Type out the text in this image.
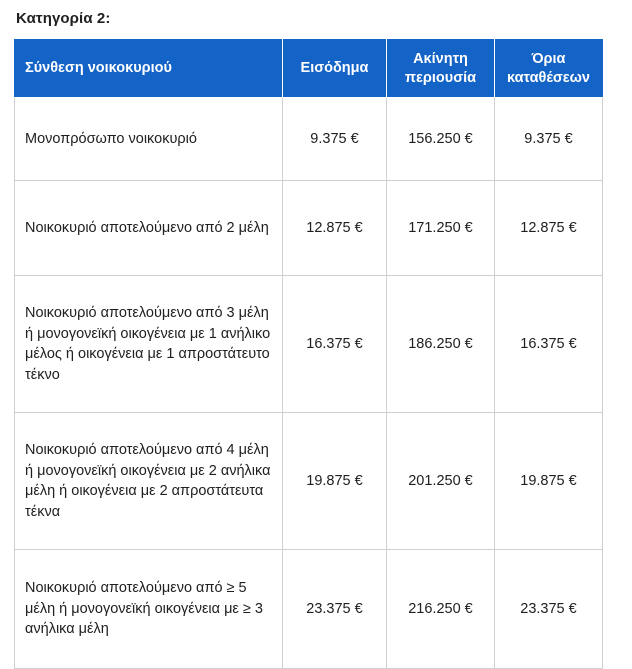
Κατηγορία 2:
Σύνθεση νοικοκυριού	Εισόδημα	Ακίνητη περιουσία	Όρια καταθέσεων
Μονοπρόσωπο νοικοκυριό	9.375 €	156.250 €	9.375 €
Νοικοκυριό αποτελούμενο από 2 μέλη	12.875 €	171.250 €	12.875 €
Νοικοκυριό αποτελούμενο από 3 μέλη ή μονογονεϊκή οικογένεια με 1 ανήλικο μέλος ή οικογένεια με 1 απροστάτευτο τέκνο	16.375 €	186.250 €	16.375 €
Νοικοκυριό αποτελούμενο από 4 μέλη ή μονογονεϊκή οικογένεια με 2 ανήλικα μέλη ή οικογένεια με 2 απροστάτευτα τέκνα	19.875 €	201.250 €	19.875 €
Νοικοκυριό αποτελούμενο από ≥ 5 μέλη ή μονογονεϊκή οικογένεια με ≥ 3 ανήλικα μέλη	23.375 €	216.250 €	23.375 €
